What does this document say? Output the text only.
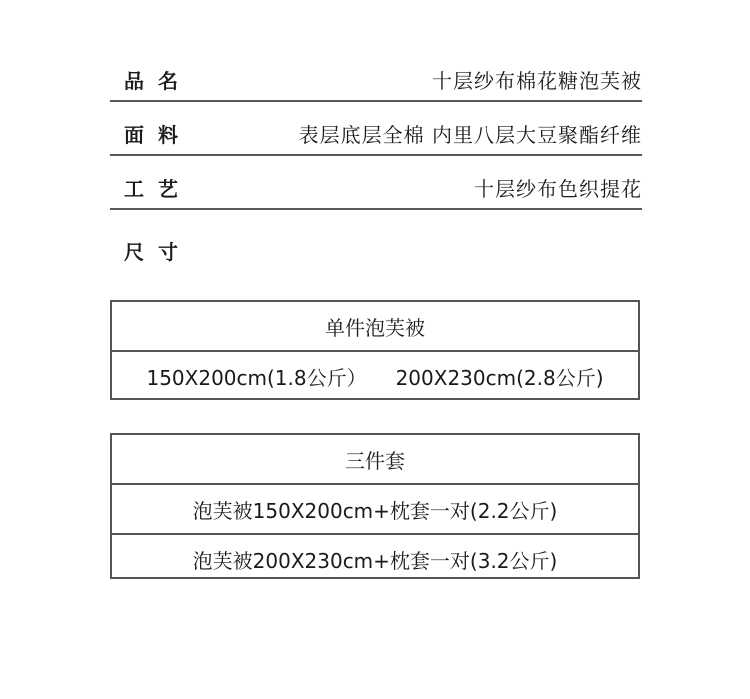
品名	十层纱布棉花糖泡芙被
面料	表层底层全棉 内里八层大豆聚酯纤维
工艺	十层纱布色织提花
尺寸
单件泡芙被
150X200cm(1.8公斤） 200X230cm(2.8公斤)
三件套
泡芙被150X200cm+枕套一对(2.2公斤)
泡芙被200X230cm+枕套一对(3.2公斤)
